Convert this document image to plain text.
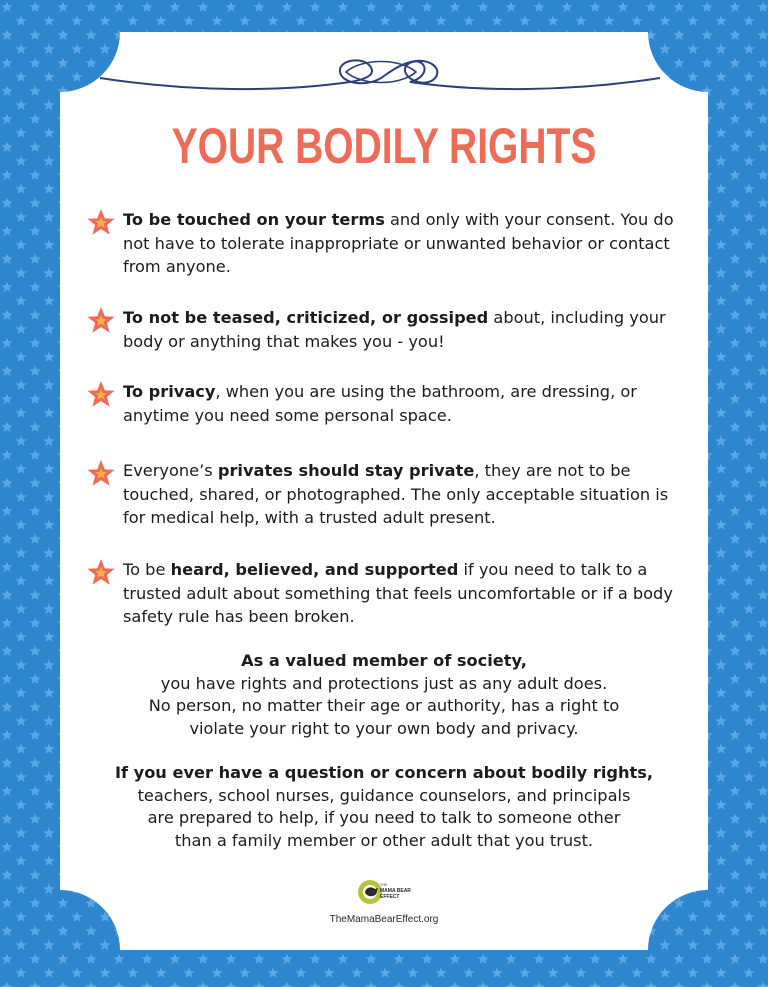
YOUR BODILY RIGHTS

To be touched on your terms and only with your consent. You do not have to tolerate inappropriate or unwanted behavior or contact from anyone.

To not be teased, criticized, or gossiped about, including your body or anything that makes you - you!

To privacy, when you are using the bathroom, are dressing, or anytime you need some personal space.

Everyone’s privates should stay private, they are not to be touched, shared, or photographed. The only acceptable situation is for medical help, with a trusted adult present.

To be heard, believed, and supported if you need to talk to a trusted adult about something that feels uncomfortable or if a body safety rule has been broken.

As a valued member of society,
you have rights and protections just as any adult does.
No person, no matter their age or authority, has a right to
violate your right to your own body and privacy.

If you ever have a question or concern about bodily rights,
teachers, school nurses, guidance counselors, and principals
are prepared to help, if you need to talk to someone other
than a family member or other adult that you trust.

THE
MAMA BEAR
EFFECT
TheMamaBearEffect.org
